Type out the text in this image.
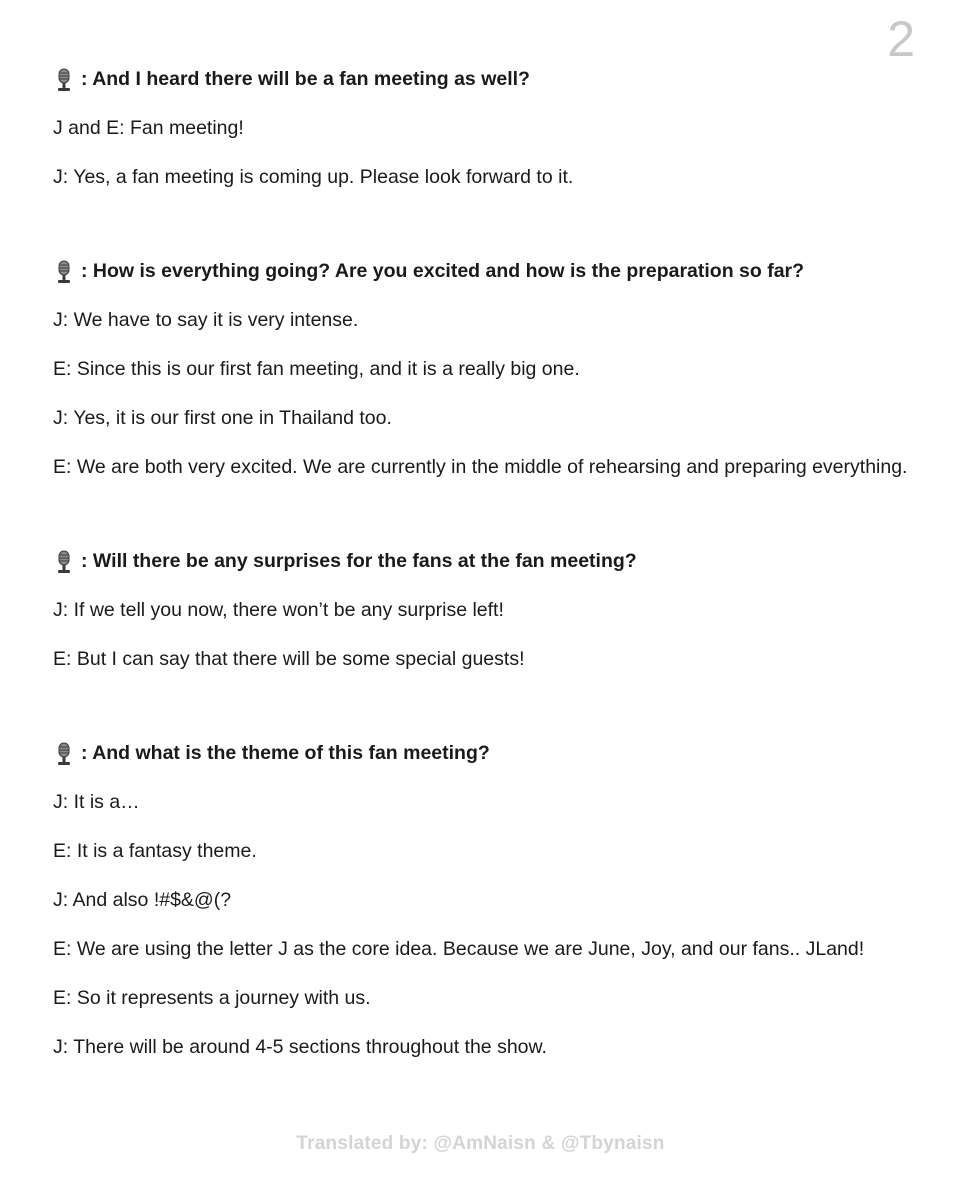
2
: And I heard there will be a fan meeting as well?

J and E: Fan meeting!

J: Yes, a fan meeting is coming up. Please look forward to it.

: How is everything going? Are you excited and how is the preparation so far?

J: We have to say it is very intense.

E: Since this is our first fan meeting, and it is a really big one.

J: Yes, it is our first one in Thailand too.

E: We are both very excited. We are currently in the middle of rehearsing and preparing everything.

: Will there be any surprises for the fans at the fan meeting?

J: If we tell you now, there won’t be any surprise left!

E: But I can say that there will be some special guests!

: And what is the theme of this fan meeting?

J: It is a…

E: It is a fantasy theme.

J: And also !#$&@(?

E: We are using the letter J as the core idea. Because we are June, Joy, and our fans.. JLand!

E: So it represents a journey with us.

J: There will be around 4-5 sections throughout the show.

Translated by: @AmNaisn & @Tbynaisn
